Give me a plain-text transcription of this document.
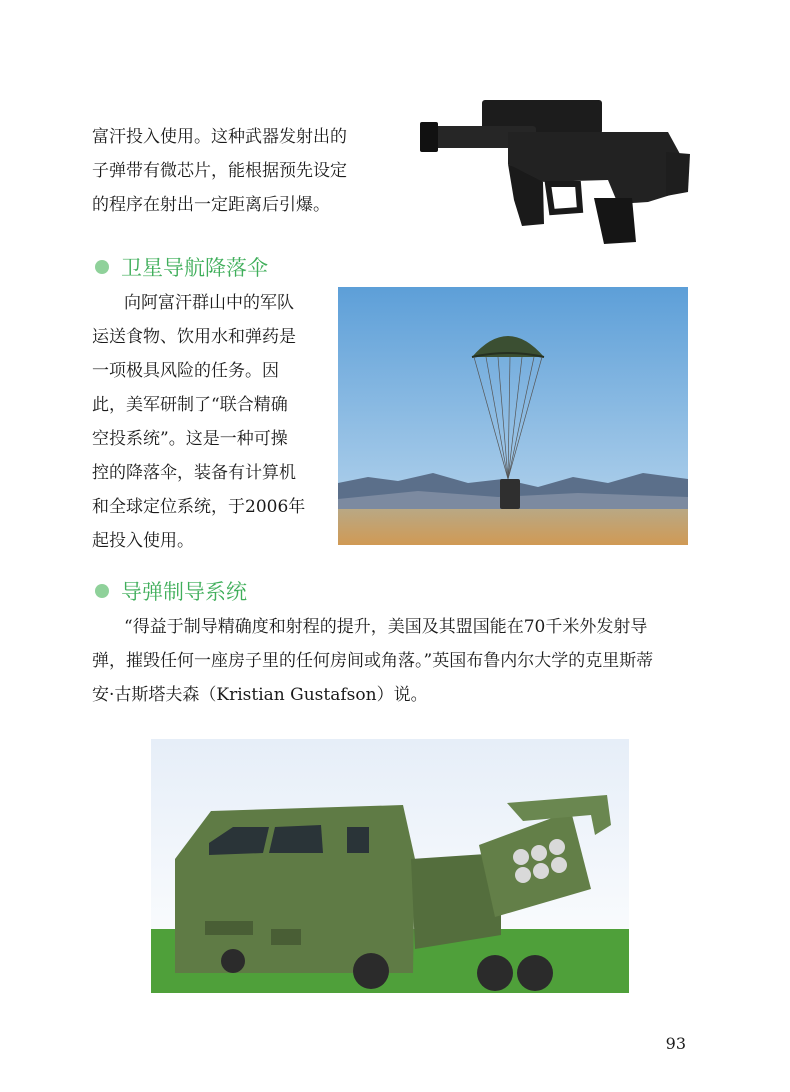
富汗投入使用。这种武器发射出的
子弹带有微芯片，能根据预先设定
的程序在射出一定距离后引爆。
卫星导航降落伞
向阿富汗群山中的军队
运送食物、饮用水和弹药是
一项极具风险的任务。因
此，美军研制了“联合精确
空投系统”。这是一种可操
控的降落伞，装备有计算机
和全球定位系统，于2006年
起投入使用。
导弹制导系统
“得益于制导精确度和射程的提升，美国及其盟国能在70千米外发射导
弹，摧毁任何一座房子里的任何房间或角落。”英国布鲁内尔大学的克里斯蒂
安·古斯塔夫森（Kristian Gustafson）说。
93
